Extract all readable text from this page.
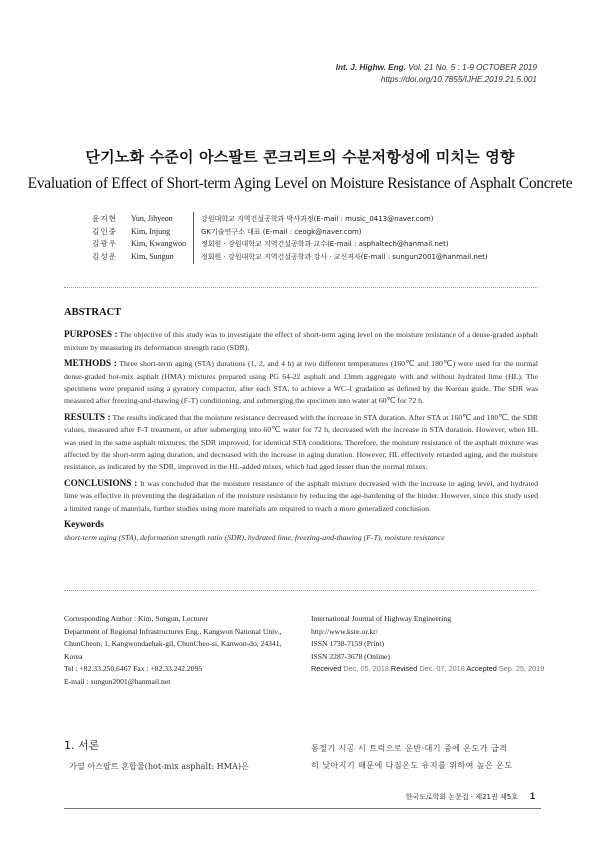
Int. J. Highw. Eng. Vol. 21 No. 5 : 1-9 OCTOBER 2019
https://doi.org/10.7855/IJHE.2019.21.5.001
단기노화 수준이 아스팔트 콘크리트의 수분저항성에 미치는 영향
Evaluation of Effect of Short-term Aging Level on Moisture Resistance of Asphalt Concrete
윤지현	Yun, Jihyeon	강원대학교 지역건설공학과 박사과정(E-mail : music_0413@naver.com)
김인중	Kim, Injung	GK기술연구소 대표 (E-mail : ceogk@naver.com)
김광우	Kim, Kwangwoo	정회원 · 강원대학교 지역건설공학과 교수(E-mail : asphaltech@hanmail.net)
김성운	Kim, Sungun	정회원 · 강원대학교 지역건설공학과 강사 · 교신저자(E-mail : sungun2001@hanmail.net)
ABSTRACT

PURPOSES : The objective of this study was to investigate the effect of short-term aging level on the moisture resistance of a dense-graded asphalt mixture by measuring its deformation strength ratio (SDR).

METHODS : Three short-term aging (STA) durations (1, 2, and 4 h) at two different temperatures (160℃ and 180℃) were used for the normal dense-graded hot-mix asphalt (HMA) mixtures prepared using PG 64-22 asphalt and 13mm aggregate with and without hydrated lime (HL). The specimens were prepared using a gyratory compactor, after each STA, to achieve a WC-1 gradation as defined by the Korean guide. The SDR was measured after freezing-and-thawing (F-T) conditioning, and submerging the specimen into water at 60℃ for 72 h.

RESULTS : The results indicated that the moisture resistance decreased with the increase in STA duration. After STA at 160℃ and 180℃, the SDR values, measured after F-T treatment, or after submerging into 60℃ water for 72 h, decreased with the increase in STA duration. However, when HL was used in the same asphalt mixtures, the SDR improved, for identical STA conditions. Therefore, the moisture resistance of the asphalt mixture was affected by the short-term aging duration, and decreased with the increase in aging duration. However, HL effectively retarded aging, and the moisture resistance, as indicated by the SDR, improved in the HL-added mixes, which had aged lesser than the normal mixes.

CONCLUSIONS : It was concluded that the moisture resistance of the asphalt mixture decreased with the increase in aging level, and hydrated lime was effective in preventing the degradation of the moisture resistance by reducing the age-hardening of the binder. However, since this study used a limited range of materials, further studies using more materials are required to reach a more generalized conclusion.

Keywords
short-term aging (STA), deformation strength ratio (SDR), hydrated lime, freezing-and-thawing (F-T), moisture resistance
Corresponding Author : Kim, Sungun, Lecturer
Department of Regional Infrastructures Eng., Kangwon National Univ.,
ChunCheon, 1, Kangwondaehak-gil, ChunCheo-si, Kanwon-do, 24341,
Korea
Tel : +82.33.250.6467 Fax : +82.33.242.2095
E-mail : sungun2001@hanmail.net
International Journal of Highway Engineering
http://www.ksre.or.kr/
ISSN 1738-7159 (Print)
ISSN 2287-3678 (Online)
Received Dec. 05, 2018 Revised Dec. 07, 2018 Accepted Sep. 25, 2019
1. 서론
가열 아스팔트 혼합물(hot-mix asphalt: HMA)은
동절기 시공 시 트럭으로 운반·대기 중에 온도가 급격
히 낮아지기 때문에 다짐온도 유지를 위하여 높은 온도
한국도로학회 논문집 · 제21권 제5호 1
